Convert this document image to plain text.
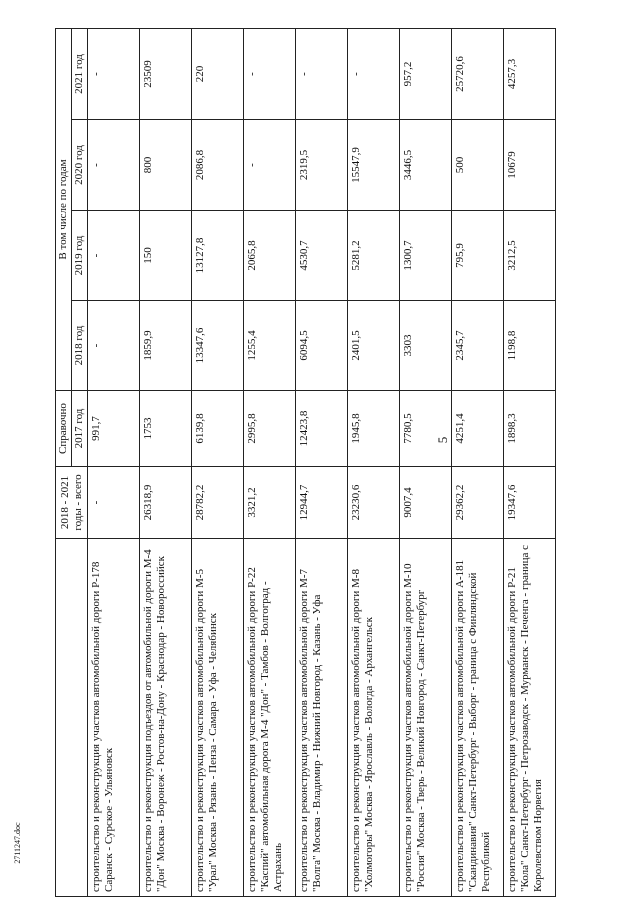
5
2711247.doc
	2018 - 2021 годы - всего	Справочно	В том числе по годам			
		2017 год	2018 год	2019 год	2020 год	2021 год
строительство и реконструкция участков автомобильной дороги Р-178 Саранск - Сурское - Ульяновск	-	991,7	-	-	-	-
строительство и реконструкция подъездов от автомобильной дороги М-4 "Дон" Москва - Воронеж - Ростов-на-Дону - Краснодар - Новороссийск	26318,9	1753	1859,9	150	800	23509
строительство и реконструкция участков автомобильной дороги М-5 "Урал" Москва - Рязань - Пенза - Самара - Уфа - Челябинск	28782,2	6139,8	13347,6	13127,8	2086,8	220
строительство и реконструкция участков автомобильной дороги Р-22 "Каспий" автомобильная дорога М-4 "Дон" - Тамбов - Волгоград - Астрахань	3321,2	2995,8	1255,4	2065,8	-	-
строительство и реконструкция участков автомобильной дороги М-7 "Волга" Москва - Владимир - Нижний Новгород - Казань - Уфа	12944,7	12423,8	6094,5	4530,7	2319,5	-
строительство и реконструкция участков автомобильной дороги М-8 "Холмогоры" Москва - Ярославль - Вологда - Архангельск	23230,6	1945,8	2401,5	5281,2	15547,9	-
строительство и реконструкция участков автомобильной дороги М-10 "Россия" Москва - Тверь - Великий Новгород - Санкт-Петербург	9007,4	7780,5	3303	1300,7	3446,5	957,2
строительство и реконструкция участков автомобильной дороги А-181 "Скандинавия" Санкт-Петербург - Выборг - граница с Финляндской Республикой	29362,2	4251,4	2345,7	795,9	500	25720,6
строительство и реконструкция участков автомобильной дороги Р-21 "Кола" Санкт-Петербург - Петрозаводск - Мурманск - Печенга - граница с Королевством Норвегия	19347,6	1898,3	1198,8	3212,5	10679	4257,3
